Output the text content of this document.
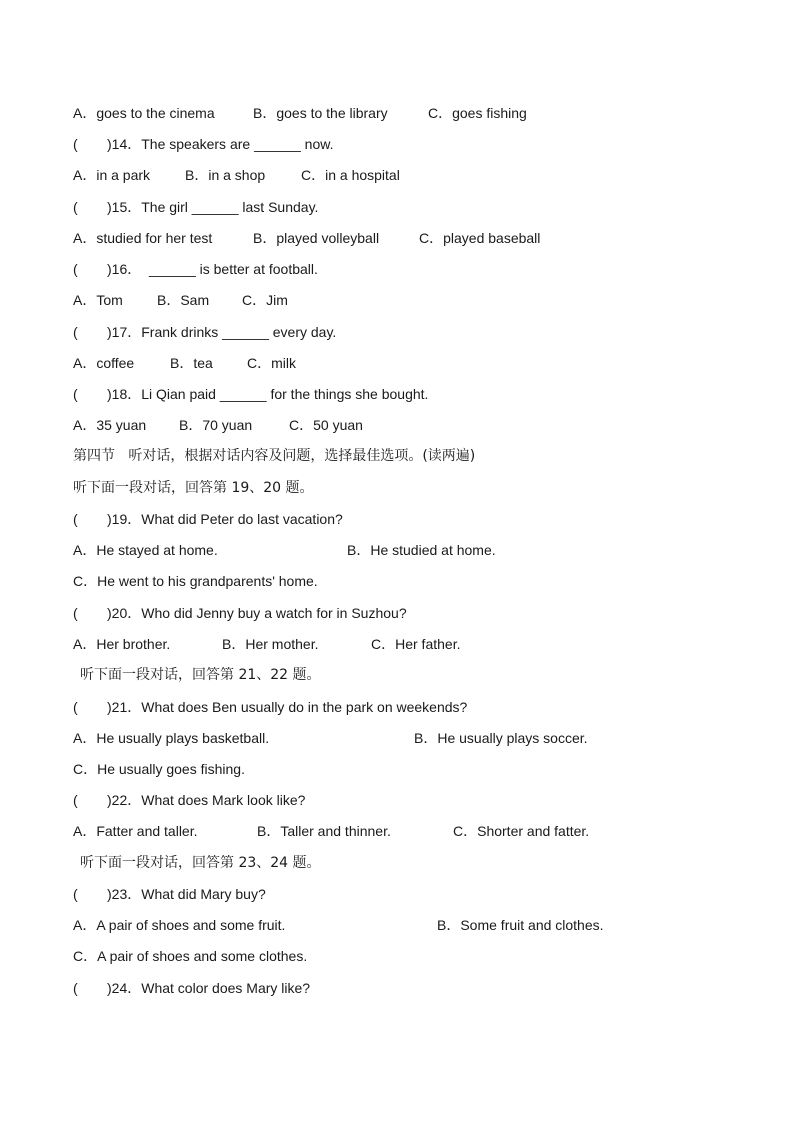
A．goes to the cinema	B．goes to the library	C．goes fishing
( )14．The speakers are ______ now.
A．in a park B．in a shop	C．in a hospital
( )15．The girl ______ last Sunday.
A．studied for her test	B．played volleyball	C．played baseball
( )16．  ______ is better at football.
A．Tom B．Sam C．Jim
( )17．Frank drinks ______ every day.
A．coffee	B．tea C．milk
( )18．Li Qian paid ______ for the things she bought.
A．35 yuan B．70 yuan	C．50 yuan
第四节   听对话，根据对话内容及问题，选择最佳选项。(读两遍)
听下面一段对话，回答第 19、20 题。
( )19．What did Peter do last vacation?
A．He stayed at home.	B．He studied at home.
C．He went to his grandparents' home.
( )20．Who did Jenny buy a watch for in Suzhou?
A．Her brother.	B．Her mother.	C．Her father.
听下面一段对话，回答第 21、22 题。
( )21．What does Ben usually do in the park on weekends?
A．He usually plays basketball.	B．He usually plays soccer.
C．He usually goes fishing.
( )22．What does Mark look like?
A．Fatter and taller.	B．Taller and thinner.	C．Shorter and fatter.
听下面一段对话，回答第 23、24 题。
( )23．What did Mary buy?
A．A pair of shoes and some fruit.	B．Some fruit and clothes.
C．A pair of shoes and some clothes.
( )24．What color does Mary like?
